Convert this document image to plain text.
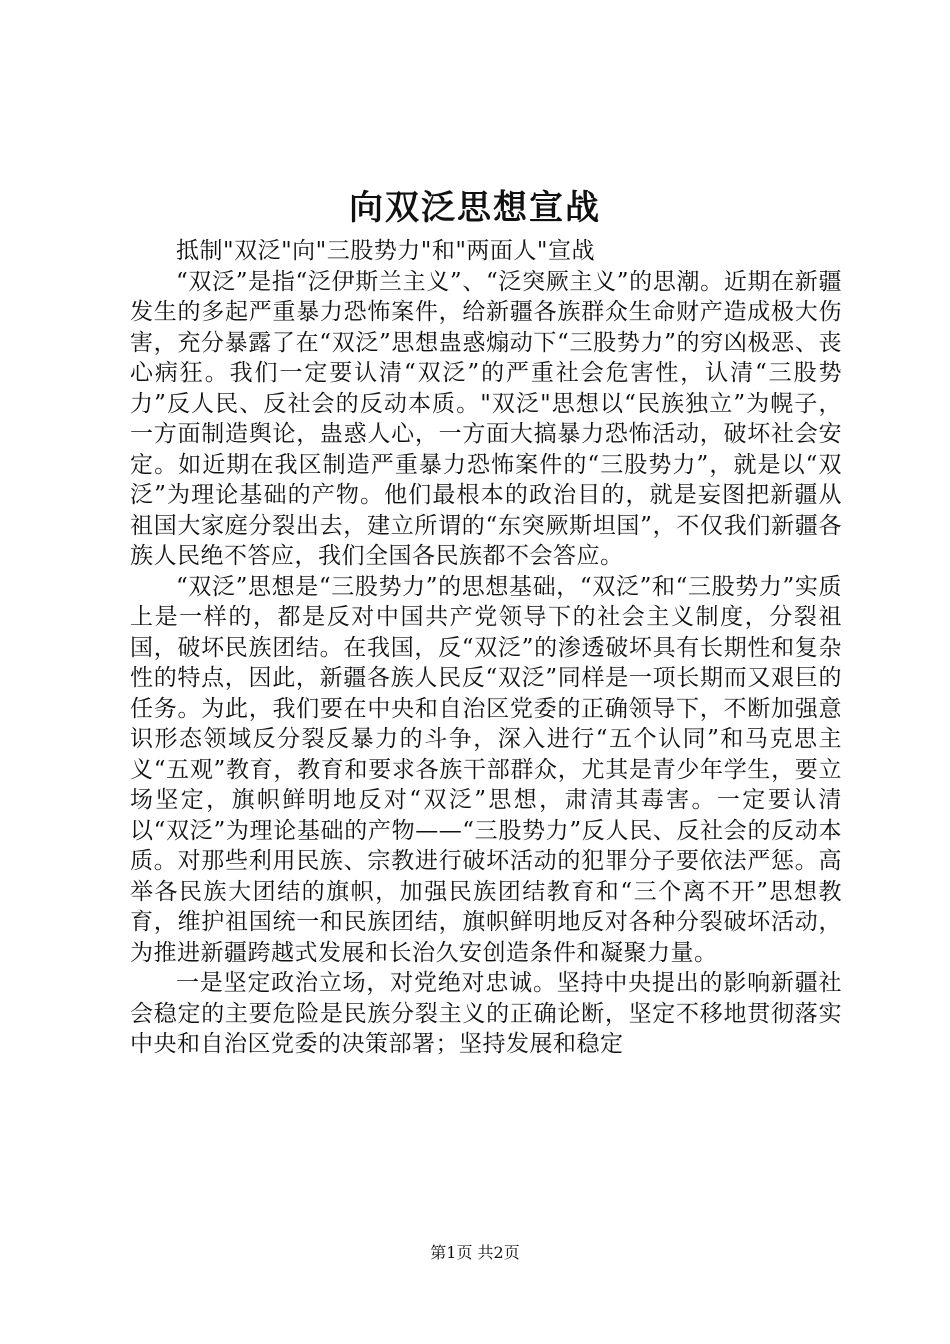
向双泛思想宣战

抵制"双泛"向"三股势力"和"两面人"宣战

“双泛”是指“泛伊斯兰主义”、“泛突厥主义”的思潮。近期在新疆发生的多起严重暴力恐怖案件，给新疆各族群众生命财产造成极大伤害，充分暴露了在“双泛”思想蛊惑煽动下“三股势力”的穷凶极恶、丧心病狂。我们一定要认清“双泛”的严重社会危害性，认清“三股势力”反人民、反社会的反动本质。"双泛"思想以“民族独立”为幌子，一方面制造舆论，蛊惑人心，一方面大搞暴力恐怖活动，破坏社会安定。如近期在我区制造严重暴力恐怖案件的“三股势力”，就是以“双泛”为理论基础的产物。他们最根本的政治目的，就是妄图把新疆从祖国大家庭分裂出去，建立所谓的“东突厥斯坦国”，不仅我们新疆各族人民绝不答应，我们全国各民族都不会答应。

“双泛”思想是“三股势力”的思想基础，“双泛”和“三股势力”实质上是一样的，都是反对中国共产党领导下的社会主义制度，分裂祖国，破坏民族团结。在我国，反“双泛”的渗透破坏具有长期性和复杂性的特点，因此，新疆各族人民反“双泛”同样是一项长期而又艰巨的任务。为此，我们要在中央和自治区党委的正确领导下，不断加强意识形态领域反分裂反暴力的斗争，深入进行“五个认同”和马克思主义“五观”教育，教育和要求各族干部群众，尤其是青少年学生，要立场坚定，旗帜鲜明地反对“双泛”思想，肃清其毒害。一定要认清以“双泛”为理论基础的产物——“三股势力”反人民、反社会的反动本质。对那些利用民族、宗教进行破坏活动的犯罪分子要依法严惩。高举各民族大团结的旗帜，加强民族团结教育和“三个离不开”思想教育，维护祖国统一和民族团结，旗帜鲜明地反对各种分裂破坏活动，为推进新疆跨越式发展和长治久安创造条件和凝聚力量。

一是坚定政治立场，对党绝对忠诚。坚持中央提出的影响新疆社会稳定的主要危险是民族分裂主义的正确论断，坚定不移地贯彻落实中央和自治区党委的决策部署；坚持发展和稳定

第1页 共2页
